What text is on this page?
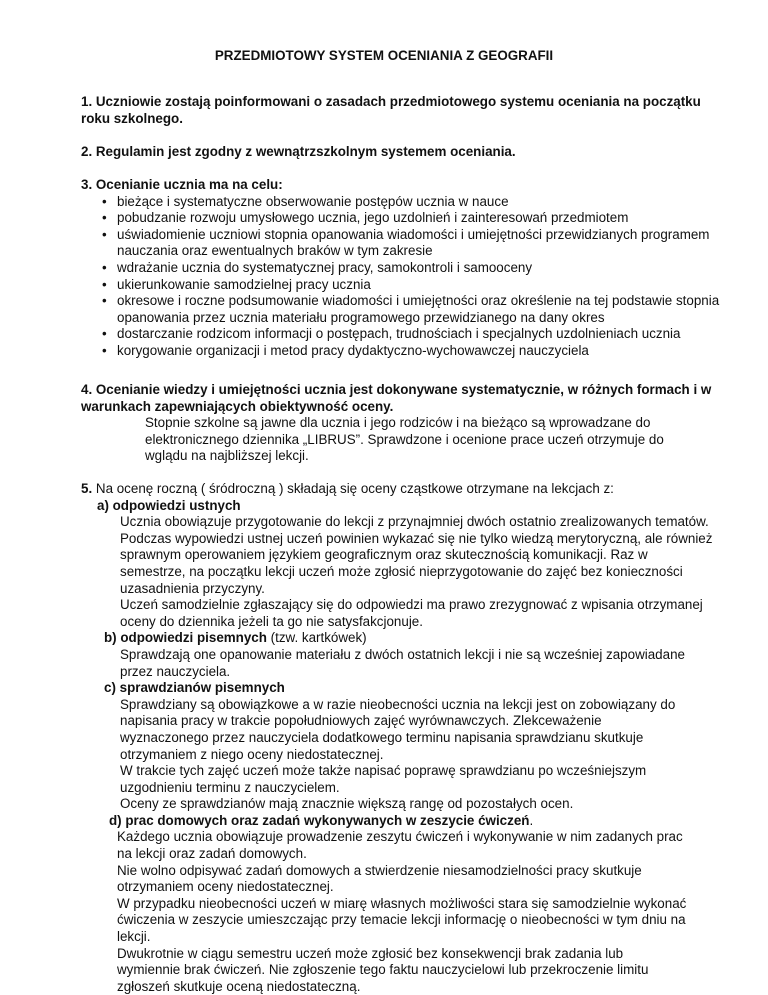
PRZEDMIOTOWY SYSTEM OCENIANIA Z GEOGRAFII

1. Uczniowie zostają poinformowani o zasadach przedmiotowego systemu oceniania na początku roku szkolnego.

2. Regulamin jest zgodny z wewnątrzszkolnym systemem oceniania.

3. Ocenianie ucznia ma na celu:

• bieżące i systematyczne obserwowanie postępów ucznia w nauce
• pobudzanie rozwoju umysłowego ucznia, jego uzdolnień i zainteresowań przedmiotem
• uświadomienie uczniowi stopnia opanowania wiadomości i umiejętności przewidzianych programem nauczania oraz ewentualnych braków w tym zakresie
• wdrażanie ucznia do systematycznej pracy, samokontroli i samooceny
• ukierunkowanie samodzielnej pracy ucznia
• okresowe i roczne podsumowanie wiadomości i umiejętności oraz określenie na tej podstawie stopnia opanowania przez ucznia materiału programowego przewidzianego na dany okres
• dostarczanie rodzicom informacji o postępach, trudnościach i specjalnych uzdolnieniach ucznia
• korygowanie organizacji i metod pracy dydaktyczno-wychowawczej nauczyciela

4. Ocenianie wiedzy i umiejętności ucznia jest dokonywane systematycznie, w różnych formach i w warunkach zapewniających obiektywność oceny.

Stopnie szkolne są jawne dla ucznia i jego rodziców i na bieżąco są wprowadzane do elektronicznego dziennika „LIBRUS”. Sprawdzone i ocenione prace uczeń otrzymuje do wglądu na najbliższej lekcji.

5. Na ocenę roczną ( śródroczną ) składają się oceny cząstkowe otrzymane na lekcjach z:

a) odpowiedzi ustnych

Uczniа obowiązuje przygotowanie do lekcji z przynajmniej dwóch ostatnio zrealizowanych tematów. Podczas wypowiedzi ustnej uczeń powinien wykazać się nie tylko wiedzą merytoryczną, ale również sprawnym operowaniem językiem geograficznym oraz skutecznością komunikacji. Raz w semestrze, na początku lekcji uczeń może zgłosić nieprzygotowanie do zajęć bez konieczności uzasadnienia przyczyny.

Uczeń samodzielnie zgłaszający się do odpowiedzi ma prawo zrezygnować z wpisania otrzymanej oceny do dziennika jeżeli ta go nie satysfakcjonuje.

b) odpowiedzi pisemnych (tzw. kartkówek)

Sprawdzają one opanowanie materiału z dwóch ostatnich lekcji i nie są wcześniej zapowiadane przez nauczyciela.

c) sprawdzianów pisemnych

Sprawdziany są obowiązkowe a w razie nieobecności ucznia na lekcji jest on zobowiązany do napisania pracy w trakcie popołudniowych zajęć wyrównawczych. Zlekceważenie wyznaczonego przez nauczyciela dodatkowego terminu napisania sprawdzianu skutkuje otrzymaniem z niego oceny niedostatecznej.

W trakcie tych zajęć uczeń może także napisać poprawę sprawdzianu po wcześniejszym uzgodnieniu terminu z nauczycielem.

Oceny ze sprawdzianów mają znacznie większą rangę od pozostałych ocen.

d) prac domowych oraz zadań wykonywanych w zeszycie ćwiczeń.

Każdego ucznia obowiązuje prowadzenie zeszytu ćwiczeń i wykonywanie w nim zadanych prac na lekcji oraz zadań domowych.

Nie wolno odpisywać zadań domowych a stwierdzenie niesamodzielności pracy skutkuje otrzymaniem oceny niedostatecznej.

W przypadku nieobecności uczeń w miarę własnych możliwości stara się samodzielnie wykonać ćwiczenia w zeszycie umieszczając przy temacie lekcji informację o nieobecności w tym dniu na lekcji.

Dwukrotnie w ciągu semestru uczeń może zgłosić bez konsekwencji brak zadania lub wymiennie brak ćwiczeń. Nie zgłoszenie tego faktu nauczycielowi lub przekroczenie limitu zgłoszeń skutkuje oceną niedostateczną.
